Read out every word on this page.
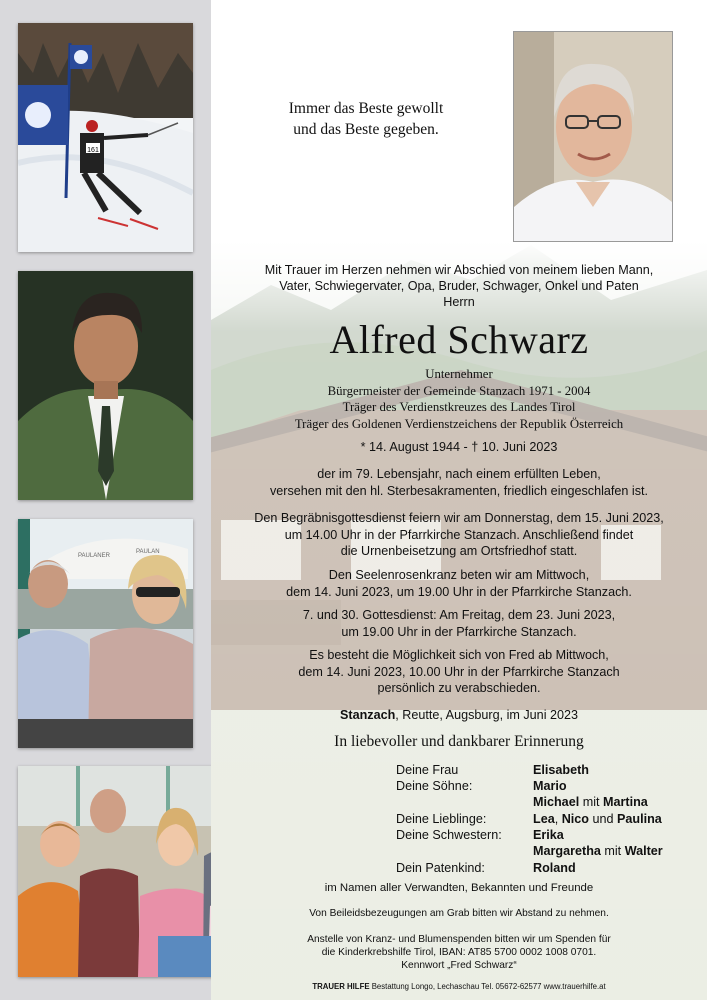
161
PAULANER
PAULAN
Immer das Beste gewollt
und das Beste gegeben.
Mit Trauer im Herzen nehmen wir Abschied von meinem lieben Mann,
Vater, Schwiegervater, Opa, Bruder, Schwager, Onkel und Paten
Herrn
Alfred Schwarz
Unternehmer
Bürgermeister der Gemeinde Stanzach 1971 - 2004
Träger des Verdienstkreuzes des Landes Tirol
Träger des Goldenen Verdienstzeichens der Republik Österreich
* 14. August 1944 - † 10. Juni 2023
der im 79. Lebensjahr, nach einem erfüllten Leben,
versehen mit den hl. Sterbesakramenten, friedlich eingeschlafen ist.
Den Begräbnisgottesdienst feiern wir am Donnerstag, dem 15. Juni 2023,
um 14.00 Uhr in der Pfarrkirche Stanzach. Anschließend findet
die Urnenbeisetzung am Ortsfriedhof statt.
Den Seelenrosenkranz beten wir am Mittwoch,
dem 14. Juni 2023, um 19.00 Uhr in der Pfarrkirche Stanzach.
7. und 30. Gottesdienst: Am Freitag, dem 23. Juni 2023,
um 19.00 Uhr in der Pfarrkirche Stanzach.
Es besteht die Möglichkeit sich von Fred ab Mittwoch,
dem 14. Juni 2023, 10.00 Uhr in der Pfarrkirche Stanzach
persönlich zu verabschieden.
Stanzach, Reutte, Augsburg, im Juni 2023
In liebevoller und dankbarer Erinnerung
Deine Frau	Elisabeth
Deine Söhne:	Mario
Michael mit Martina
Deine Lieblinge:	Lea, Nico und Paulina
Deine Schwestern:	Erika
Margaretha mit Walter
Dein Patenkind:	Roland
im Namen aller Verwandten, Bekannten und Freunde
Von Beileidsbezeugungen am Grab bitten wir Abstand zu nehmen.
Anstelle von Kranz- und Blumenspenden bitten wir um Spenden für
die Kinderkrebshilfe Tirol, IBAN: AT85 5700 0002 1008 0701.
Kennwort „Fred Schwarz“
TRAUER HILFE Bestattung Longo, Lechaschau Tel. 05672-62577 www.trauerhilfe.at
